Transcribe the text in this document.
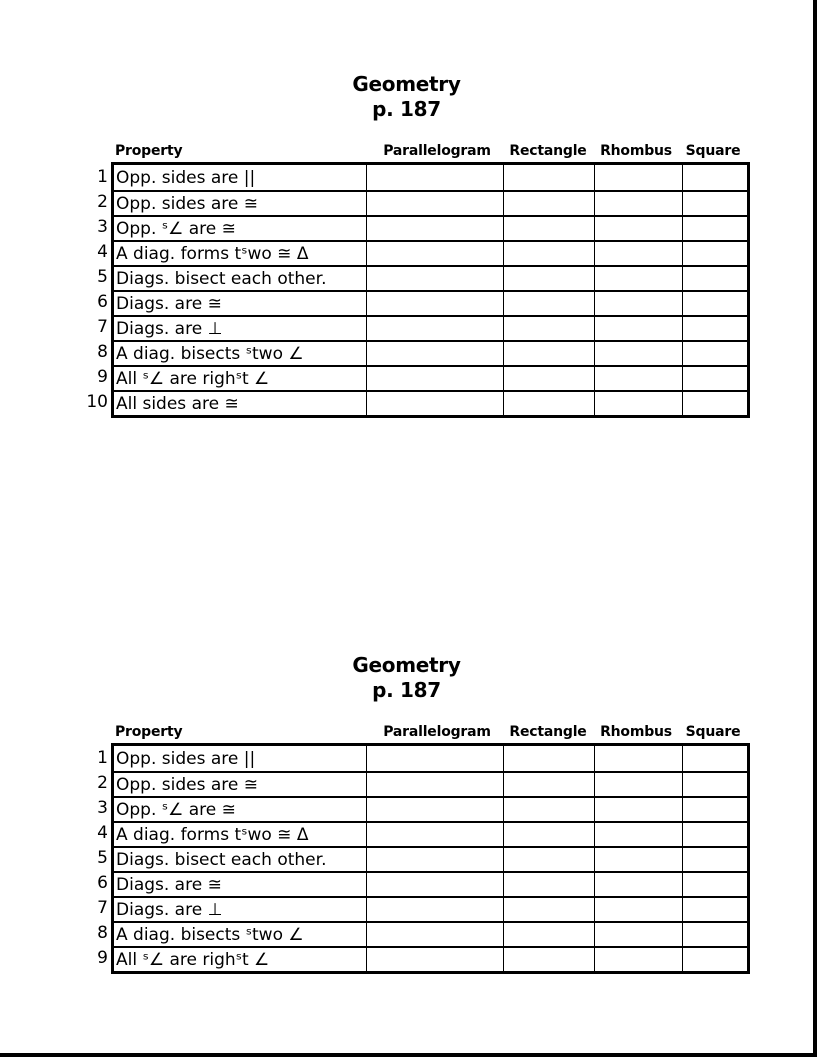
Geometry
p. 187
Property	Parallelogram Rectangle Rhombus Square
1
2
3
4
5
6
7
8
9
10
Opp. sides are ||
Opp. sides are ≅
Opp. ˢ∠ are ≅
A diag. forms tˢwo ≅ Δ
Diags. bisect each other.
Diags. are ≅
Diags. are ⊥
A diag. bisects ˢtwo ∠
All ˢ∠ are righˢt ∠
All sides are ≅
Geometry
p. 187
Property	Parallelogram Rectangle Rhombus Square
1
2
3
4
5
6
7
8
9
Opp. sides are ||
Opp. sides are ≅
Opp. ˢ∠ are ≅
A diag. forms tˢwo ≅ Δ
Diags. bisect each other.
Diags. are ≅
Diags. are ⊥
A diag. bisects ˢtwo ∠
All ˢ∠ are righˢt ∠
